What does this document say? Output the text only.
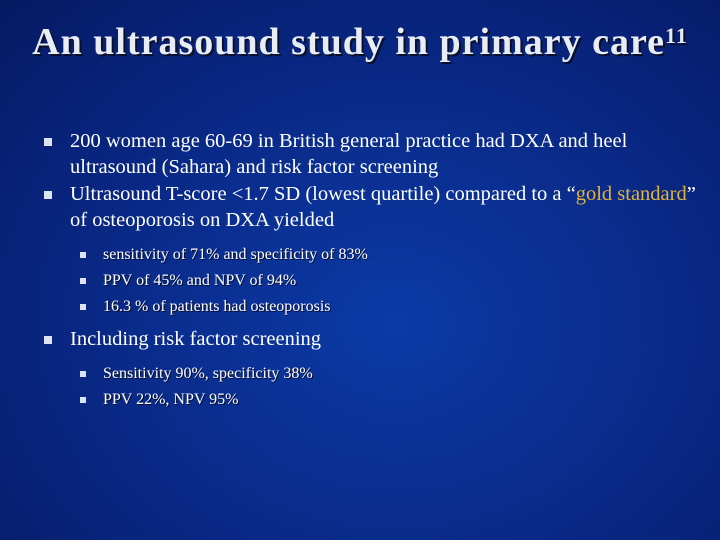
An ultrasound study in primary care$^{11}$
200 women age 60-69 in British general practice had DXA and heel ultrasound (Sahara) and risk factor screening
Ultrasound T-score <1.7 SD (lowest quartile) compared to a “gold standard” of osteoporosis on DXA yielded
sensitivity of 71% and specificity of 83%
PPV of 45% and NPV of 94%
16.3 % of patients had osteoporosis
Including risk factor screening
Sensitivity 90%, specificity 38%
PPV 22%, NPV 95%
